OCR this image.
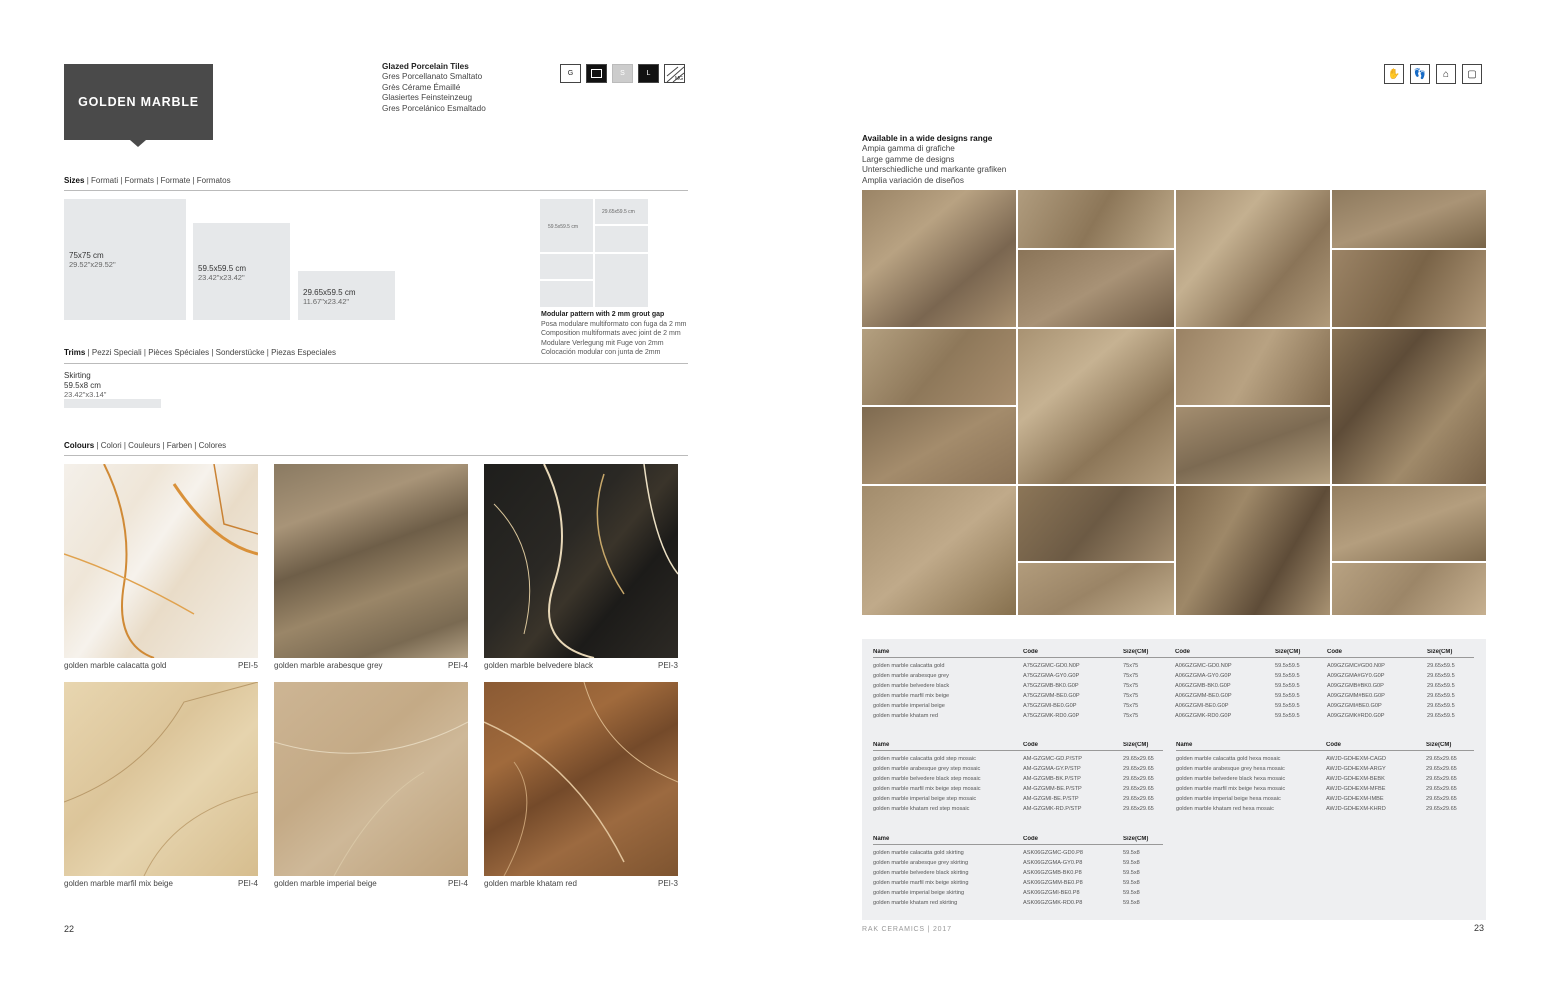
GOLDEN MARBLE
Glazed Porcelain Tiles
Gres Porcellanato Smaltato
Grès Cérame Émaillé
Glasiertes Feinsteinzeug
Gres Porcelánico Esmaltado
G	S	L
MG
Sizes | Formati | Formats | Formate | Formatos
75x75 cm
29.52"x29.52"	59.5x59.5 cm
23.42"x23.42"
29.65x59.5 cm
11.67"x23.42"
59.5x59.5 cm
29.65x59.5 cm
Modular pattern with 2 mm grout gap
Posa modulare multiformato con fuga da 2 mm
Composition multiformats avec joint de 2 mm
Modulare Verlegung mit Fuge von 2mm
Colocación modular con junta de 2mm
Trims | Pezzi Speciali | Pièces Spéciales | Sonderstücke | Piezas Especiales
Skirting
59.5x8 cm
23.42"x3.14"
Colours | Colori | Couleurs | Farben | Colores
golden marble calacatta gold	PEI-5 golden marble arabesque grey	PEI-4 golden marble belvedere black	PEI-3
golden marble marfil mix beige	PEI-4 golden marble imperial beige	PEI-4 golden marble khatam red	PEI-3
22
✋	👣	⌂	▢
Available in a wide designs range
Ampia gamma di grafiche
Large gamme de designs
Unterschiedliche und markante grafiken
Amplia variación de diseños
Name	Code	Size(CM)	Code	Size(CM)	Code	Size(CM)
golden marble calacatta gold	A75GZGMC-GD0.N0P	75x75	A06GZGMC-GD0.N0P	59.5x59.5	A09GZGMC#GD0.N0P	29.65x59.5
golden marble arabesque grey	A75GZGMA-GY0.G0P	75x75	A06GZGMA-GY0.G0P	59.5x59.5	A09GZGMA#GY0.G0P	29.65x59.5
golden marble belvedere black	A75GZGMB-BK0.G0P	75x75	A06GZGMB-BK0.G0P	59.5x59.5	A09GZGMB#BK0.G0P	29.65x59.5
golden marble marfil mix beige	A75GZGMM-BE0.G0P	75x75	A06GZGMM-BE0.G0P	59.5x59.5	A09GZGMM#BE0.G0P	29.65x59.5
golden marble imperial beige	A75GZGMI-BE0.G0P	75x75	A06GZGMI-BE0.G0P	59.5x59.5	A09GZGMI#BE0.G0P	29.65x59.5
golden marble khatam red	A75GZGMK-RD0.G0P	75x75	A06GZGMK-RD0.G0P	59.5x59.5	A09GZGMK#RD0.G0P	29.65x59.5
Name	Code	Size(CM)
golden marble calacatta gold step mosaic	AM-GZGMC-GD.P/STP	29.65x29.65
golden marble arabesque grey step mosaic	AM-GZGMA-GY.P/STP	29.65x29.65
golden marble belvedere black step mosaic	AM-GZGMB-BK.P/STP	29.65x29.65
golden marble marfil mix beige step mosaic	AM-GZGMM-BE.P/STP	29.65x29.65
golden marble imperial beige step mosaic	AM-GZGMI-BE.P/STP	29.65x29.65
golden marble khatam red step mosaic	AM-GZGMK-RD.P/STP	29.65x29.65
Name	Code	Size(CM)
golden marble calacatta gold hexa mosaic	AWJD-GDHEXM-CAGD	29.65x29.65
golden marble arabesque grey hexa mosaic	AWJD-GDHEXM-ARGY	29.65x29.65
golden marble belvedere black hexa mosaic	AWJD-GDHEXM-BEBK	29.65x29.65
golden marble marfil mix beige hexa mosaic	AWJD-GDHEXM-MFBE	29.65x29.65
golden marble imperial beige hexa mosaic	AWJD-GDHEXM-IMBE	29.65x29.65
golden marble khatam red hexa mosaic	AWJD-GDHEXM-KHRD	29.65x29.65
Name	Code	Size(CM)
golden marble calacatta gold skirting	ASK06GZGMC-GD0.P8	59.5x8
golden marble arabesque grey skirting	ASK06GZGMA-GY0.P8	59.5x8
golden marble belvedere black skirting	ASK06GZGMB-BK0.P8	59.5x8
golden marble marfil mix beige skirting	ASK06GZGMM-BE0.P8	59.5x8
golden marble imperial beige skirting	ASK06GZGMI-BE0.P8	59.5x8
golden marble khatam red skirting	ASK06GZGMK-RD0.P8	59.5x8
RAK CERAMICS | 2017	23
